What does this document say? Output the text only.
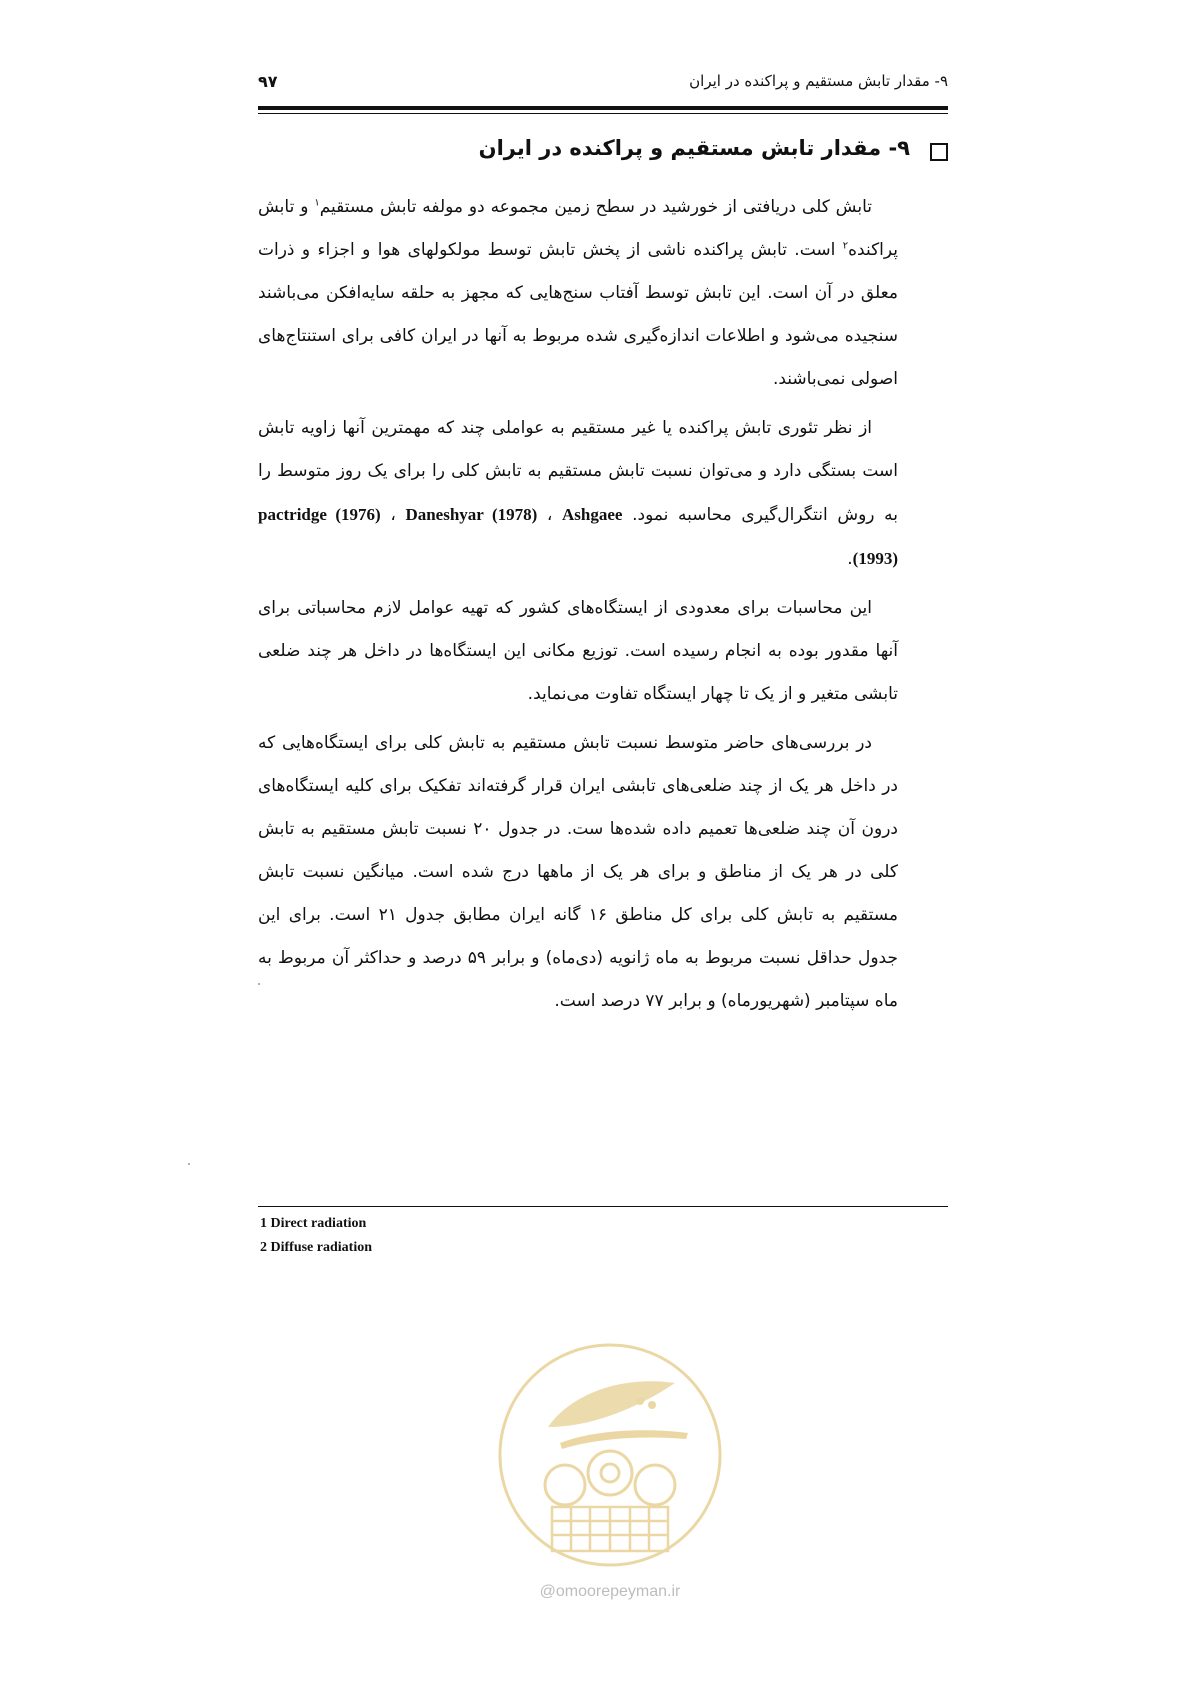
۹۷	۹- مقدار تابش مستقیم و پراکنده در ایران
۹- مقدار تابش مستقیم و پراکنده در ایران

تابش کلی دریافتی از خورشید در سطح زمین مجموعه دو مولفه تابش مستقیم$^۱$ و تابش پراکنده$^۲$ است. تابش پراکنده ناشی از پخش تابش توسط مولکولهای هوا و اجزاء و ذرات معلق در آن است. این تابش توسط آفتاب سنج‌هایی که مجهز به حلقه سایه‌افکن می‌باشند سنجیده می‌شود و اطلاعات اندازه‌گیری شده مربوط به آنها در ایران کافی برای استنتاج‌های اصولی نمی‌باشند.

از نظر تئوری تابش پراکنده یا غیر مستقیم به عواملی چند که مهمترین آنها زاویه تابش است بستگی دارد و می‌توان نسبت تابش مستقیم به تابش کلی را برای یک روز متوسط را به روش انتگرال‌گیری محاسبه نمود. pactridge (1976) ، Daneshyar (1978) ، Ashgaee (1993).

این محاسبات برای معدودی از ایستگاه‌های کشور که تهیه عوامل لازم محاسباتی برای آنها مقدور بوده به انجام رسیده است. توزیع مکانی این ایستگاه‌ها در داخل هر چند ضلعی تابشی متغیر و از یک تا چهار ایستگاه تفاوت می‌نماید.

در بررسی‌های حاضر متوسط نسبت تابش مستقیم به تابش کلی برای ایستگاه‌هایی که در داخل هر یک از چند ضلعی‌های تابشی ایران قرار گرفته‌اند تفکیک برای کلیه ایستگاه‌های درون آن چند ضلعی‌ها تعمیم داده شده‌ها ست. در جدول ۲۰ نسبت تابش مستقیم به تابش کلی در هر یک از مناطق و برای هر یک از ماهها درج شده است. میانگین نسبت تابش مستقیم به تابش کلی برای کل مناطق ۱۶ گانه ایران مطابق جدول ۲۱ است. برای این جدول حداقل نسبت مربوط به ماه ژانویه (دی‌ماه) و برابر ۵۹ درصد و حداکثر آن مربوط به ماه سپتامبر (شهریورماه) و برابر ۷۷ درصد است.

1 Direct radiation

2 Diffuse radiation

@omoorepeyman.ir
